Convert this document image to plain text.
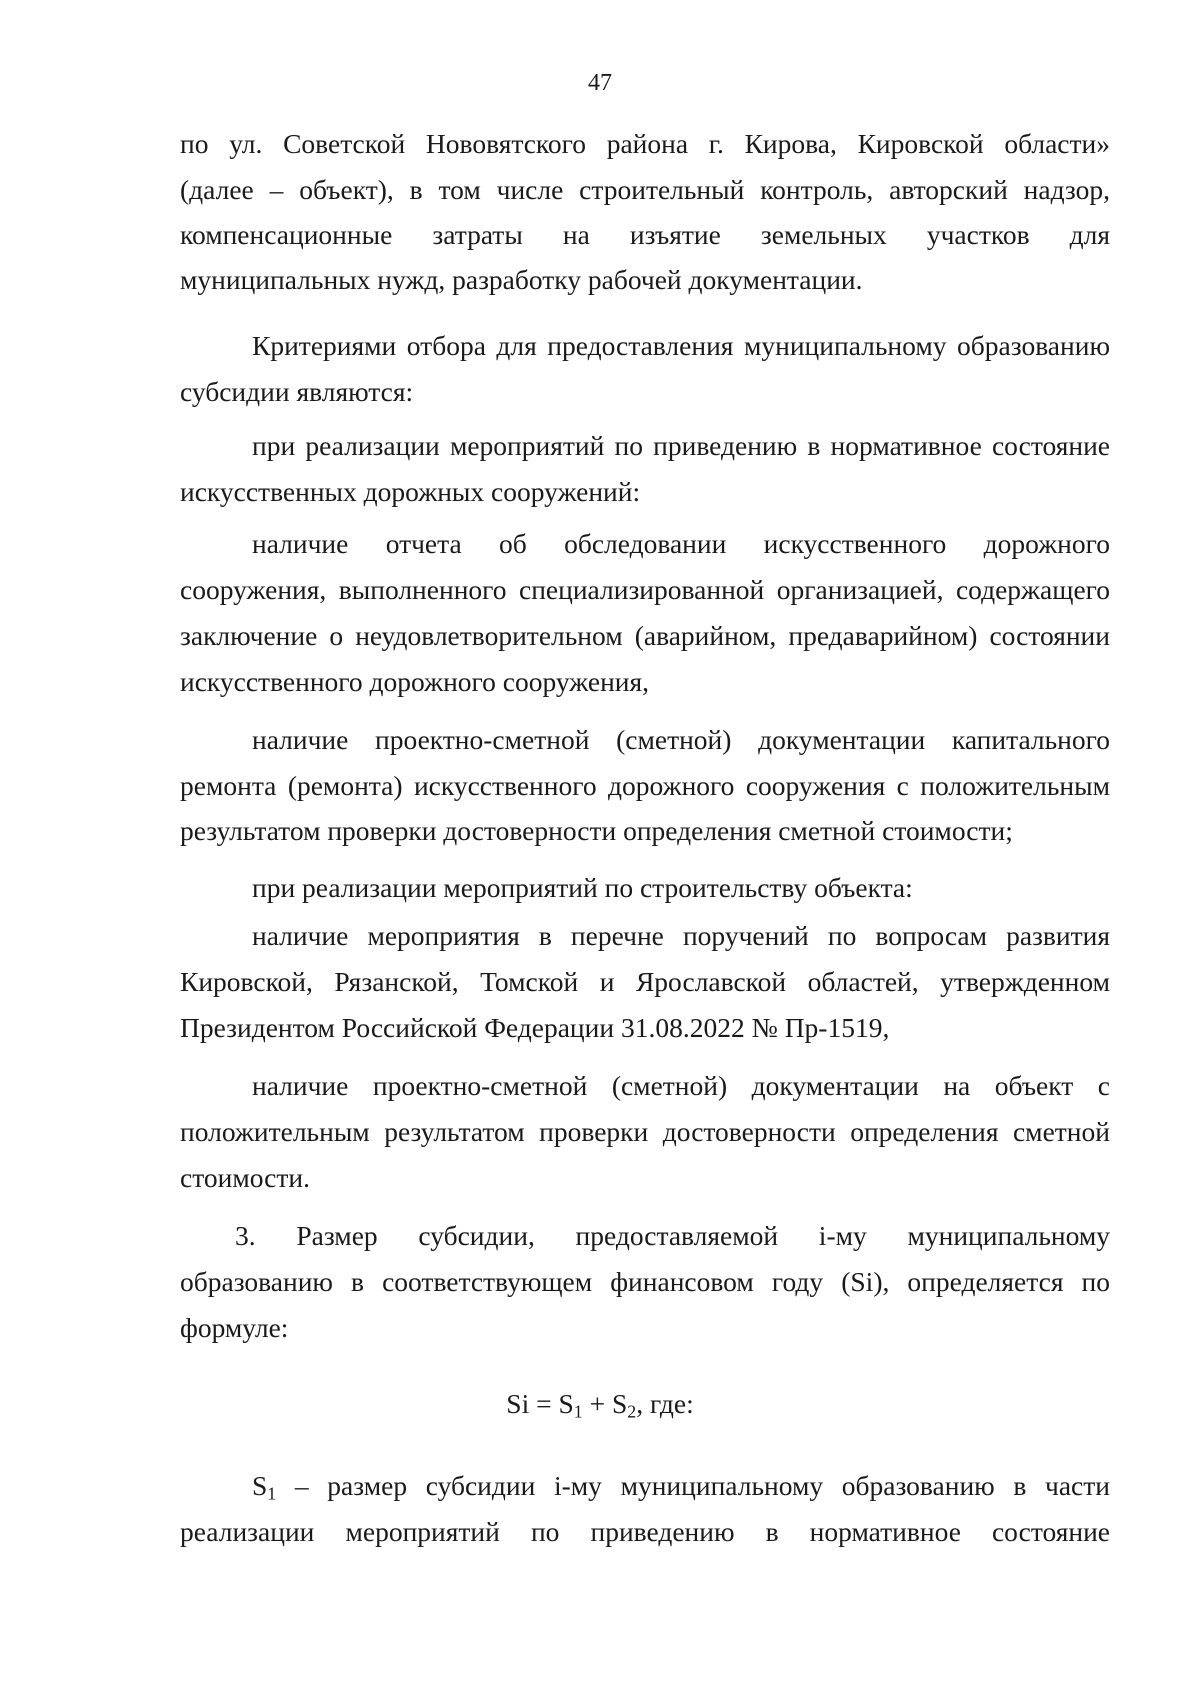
47
по ул. Советской Нововятского района г. Кирова, Кировской области»
(далее – объект), в том числе строительный контроль, авторский надзор,
компенсационные затраты на изъятие земельных участков для
муниципальных нужд, разработку рабочей документации.
Критериями отбора для предоставления муниципальному образованию
субсидии являются:
при реализации мероприятий по приведению в нормативное состояние
искусственных дорожных сооружений:
наличие отчета об обследовании искусственного дорожного
сооружения, выполненного специализированной организацией, содержащего
заключение о неудовлетворительном (аварийном, предаварийном) состоянии
искусственного дорожного сооружения,
наличие проектно-сметной (сметной) документации капитального
ремонта (ремонта) искусственного дорожного сооружения с положительным
результатом проверки достоверности определения сметной стоимости;
при реализации мероприятий по строительству объекта:
наличие мероприятия в перечне поручений по вопросам развития
Кировской, Рязанской, Томской и Ярославской областей, утвержденном
Президентом Российской Федерации 31.08.2022 № Пр-1519,
наличие проектно-сметной (сметной) документации на объект с
положительным результатом проверки достоверности определения сметной
стоимости.
3. Размер субсидии, предоставляемой i-му муниципальному
образованию в соответствующем финансовом году (Si), определяется по
формуле:
$Si = S_1 + S_2$, где:
$S_1$ – размер субсидии i-му муниципальному образованию в части
реализации мероприятий по приведению в нормативное состояние
